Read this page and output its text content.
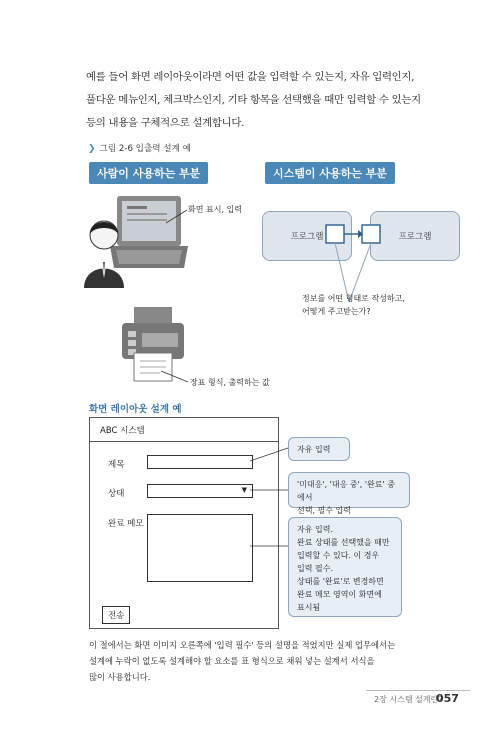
예를 들어 화면 레이아웃이라면 어떤 값을 입력할 수 있는지, 자유 입력인지,
풀다운 메뉴인지, 체크박스인지, 기타 항목을 선택했을 때만 입력할 수 있는지
등의 내용을 구체적으로 설계합니다.
❯ 그림 2-6 입출력 설계 예
사람이 사용하는 부분	시스템이 사용하는 부분
화면 표시, 입력
장표 형식, 출력하는 값
프로그램	프로그램
정보를 어떤 형태로 작성하고,
어떻게 주고받는가?
화면 레이아웃 설계 예
ABC 시스템
제목
상태	▼
완료 메모
전송
자유 입력
'미대응', '대응 중', '완료' 중에서
선택, 필수 입력
자유 입력.
완료 상태를 선택했을 때만
입력할 수 있다. 이 경우
입력 필수.
상태를 '완료'로 변경하면
완료 메모 영역이 화면에
표시됨
이 절에서는 화면 이미지 오른쪽에 '입력 필수' 등의 설명을 적었지만 실제 업무에서는
설계에 누락이 없도록 설계해야 할 요소를 표 형식으로 채워 넣는 설계서 서식을
많이 사용합니다.
2장 시스템 설계란?
057
